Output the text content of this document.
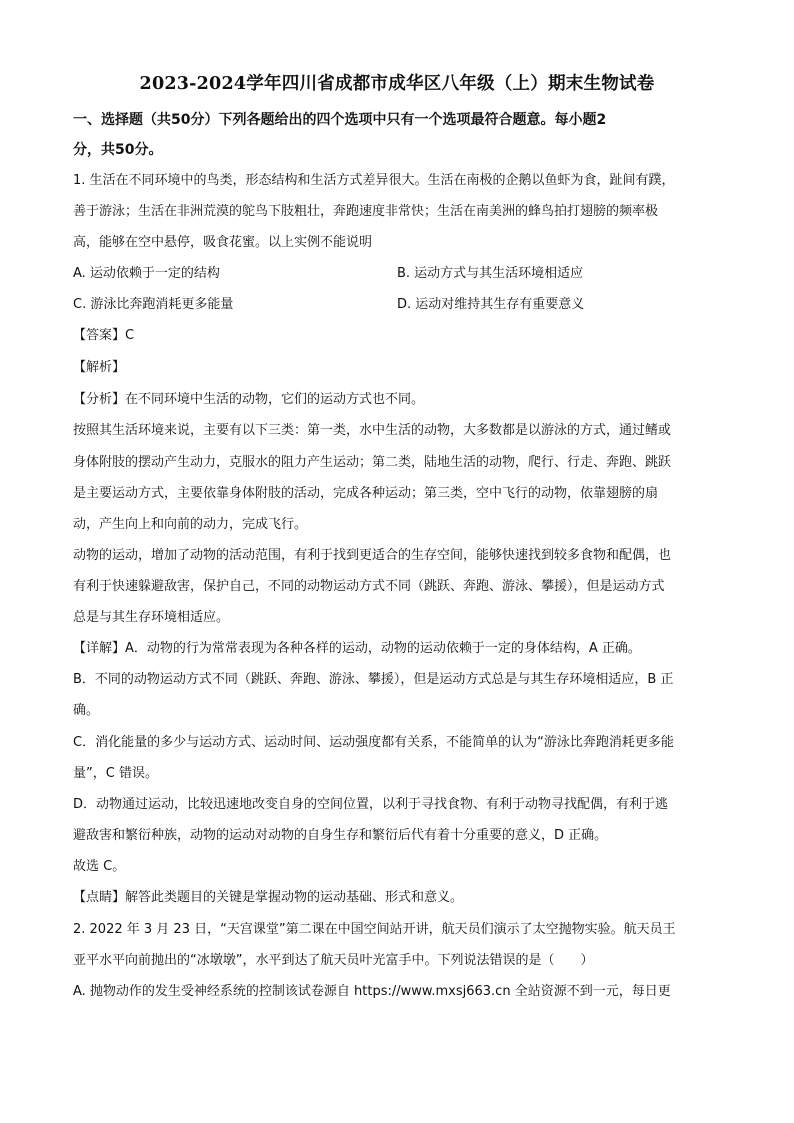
2023-2024学年四川省成都市成华区八年级（上）期末生物试卷
一、选择题（共50分）下列各题给出的四个选项中只有一个选项最符合题意。每小题2
分，共50分。
1. 生活在不同环境中的鸟类，形态结构和生活方式差异很大。生活在南极的企鹅以鱼虾为食，趾间有蹼，
善于游泳；生活在非洲荒漠的鸵鸟下肢粗壮，奔跑速度非常快；生活在南美洲的蜂鸟拍打翅膀的频率极
高，能够在空中悬停，吸食花蜜。以上实例不能说明
A. 运动依赖于一定的结构	B. 运动方式与其生活环境相适应
C. 游泳比奔跑消耗更多能量	D. 运动对维持其生存有重要意义
【答案】C
【解析】
【分析】在不同环境中生活的动物，它们的运动方式也不同。
按照其生活环境来说，主要有以下三类：第一类，水中生活的动物，大多数都是以游泳的方式，通过鳍或
身体附肢的摆动产生动力，克服水的阻力产生运动；第二类，陆地生活的动物，爬行、行走、奔跑、跳跃
是主要运动方式，主要依靠身体附肢的活动，完成各种运动；第三类，空中飞行的动物，依靠翅膀的扇
动，产生向上和向前的动力，完成飞行。
动物的运动，增加了动物的活动范围，有利于找到更适合的生存空间，能够快速找到较多食物和配偶，也
有利于快速躲避敌害，保护自己，不同的动物运动方式不同（跳跃、奔跑、游泳、攀援），但是运动方式
总是与其生存环境相适应。
【详解】A．动物的行为常常表现为各种各样的运动，动物的运动依赖于一定的身体结构，A 正确。
B．不同的动物运动方式不同（跳跃、奔跑、游泳、攀援），但是运动方式总是与其生存环境相适应，B 正
确。
C．消化能量的多少与运动方式、运动时间、运动强度都有关系，不能简单的认为“游泳比奔跑消耗更多能
量”，C 错误。
D．动物通过运动，比较迅速地改变自身的空间位置，以利于寻找食物、有利于动物寻找配偶，有利于逃
避敌害和繁衍种族，动物的运动对动物的自身生存和繁衍后代有着十分重要的意义，D 正确。
故选 C。
【点睛】解答此类题目的关键是掌握动物的运动基础、形式和意义。
2. 2022 年 3 月 23 日，“天宫课堂”第二课在中国空间站开讲，航天员们演示了太空抛物实验。航天员王
亚平水平向前抛出的“冰墩墩”，水平到达了航天员叶光富手中。下列说法错误的是（　　）
A. 抛物动作的发生受神经系统的控制该试卷源自 https://www.mxsj663.cn 全站资源不到一元，每日更
